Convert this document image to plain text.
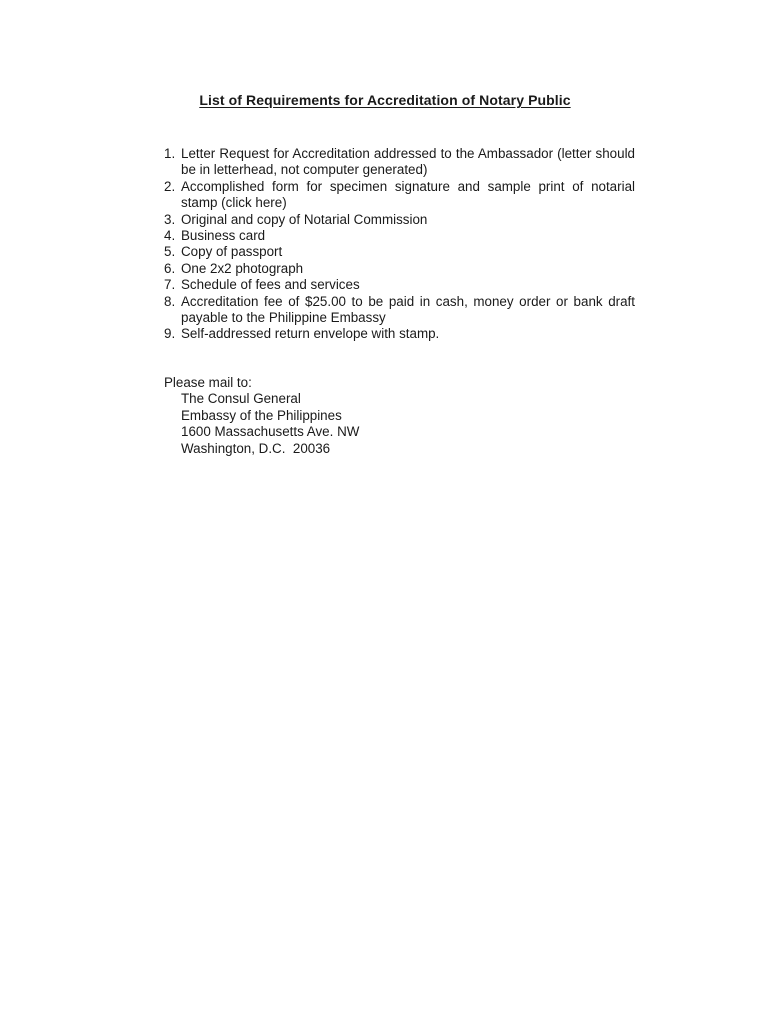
List of Requirements for Accreditation of Notary Public
1. Letter Request for Accreditation addressed to the Ambassador (letter should be in letterhead, not computer generated)
2. Accomplished form for specimen signature and sample print of notarial stamp (click here)
3. Original and copy of Notarial Commission
4. Business card
5. Copy of passport
6. One 2x2 photograph
7. Schedule of fees and services
8. Accreditation fee of $25.00 to be paid in cash, money order or bank draft payable to the Philippine Embassy
9. Self-addressed return envelope with stamp.
Please mail to:
The Consul General
Embassy of the Philippines
1600 Massachusetts Ave. NW
Washington, D.C.  20036
